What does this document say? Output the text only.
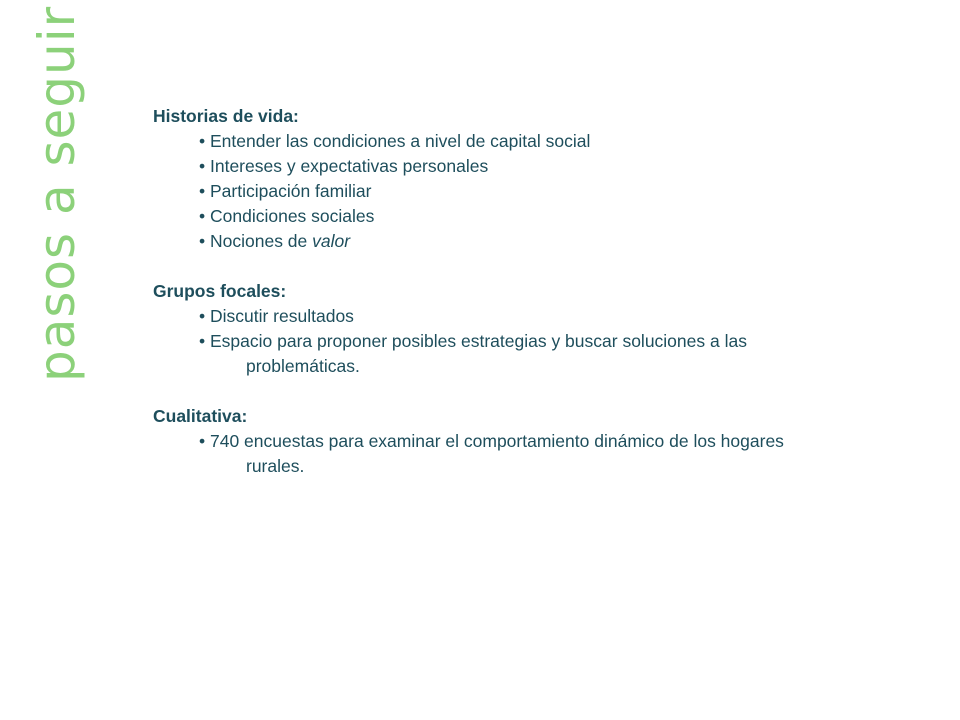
pasos a seguir	Historias de vida:
• Entender las condiciones a nivel de capital social
• Intereses y expectativas personales
• Participación familiar
• Condiciones sociales
• Nociones de valor
Grupos focales:
• Discutir resultados
• Espacio para proponer posibles estrategias y buscar soluciones a las
problemáticas.
Cualitativa:
• 740 encuestas para examinar el comportamiento dinámico de los hogares
rurales.
